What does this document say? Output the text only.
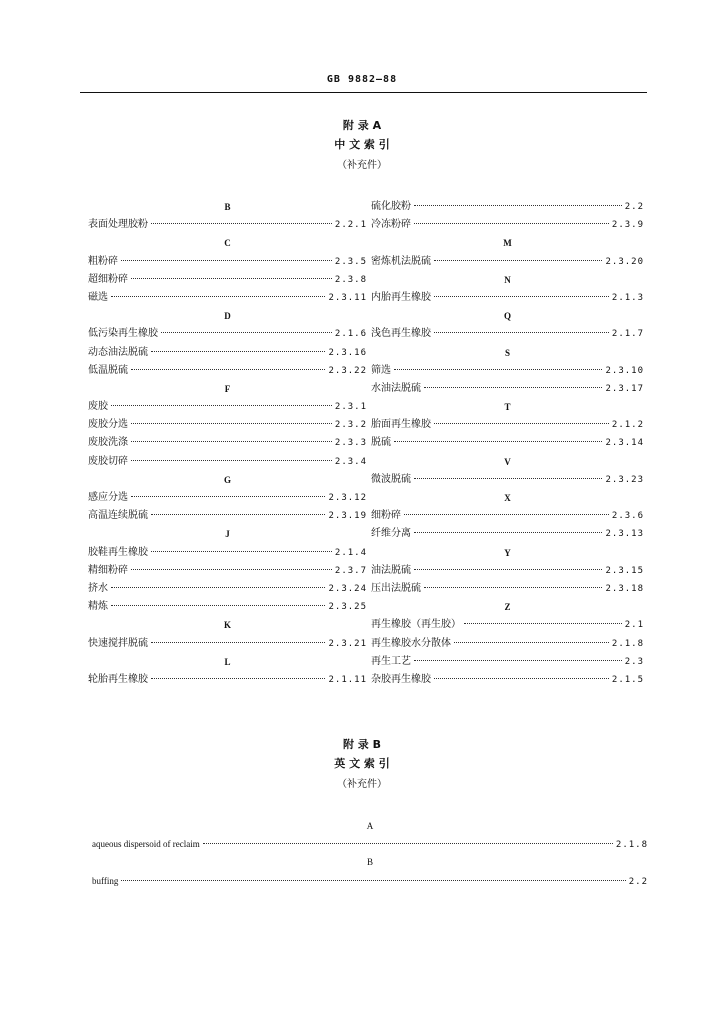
GB 9882—88
附 录 A
中 文 索 引
（补充件）
B
表面处理胶粉	2.2.1
C
粗粉碎	2.3.5
超细粉碎	2.3.8
磁选	2.3.11
D
低污染再生橡胶	2.1.6
动态油法脱硫	2.3.16
低温脱硫	2.3.22
F
废胶	2.3.1
废胶分选	2.3.2
废胶洗涤	2.3.3
废胶切碎	2.3.4
G
感应分选	2.3.12
高温连续脱硫	2.3.19
J
胶鞋再生橡胶	2.1.4
精细粉碎	2.3.7
挤水	2.3.24
精炼	2.3.25
K
快速搅拌脱硫	2.3.21
L
轮胎再生橡胶	2.1.11
硫化胶粉	2.2
冷冻粉碎	2.3.9
M
密炼机法脱硫	2.3.20
N
内胎再生橡胶	2.1.3
Q
浅色再生橡胶	2.1.7
S
筛选	2.3.10
水油法脱硫	2.3.17
T
胎面再生橡胶	2.1.2
脱硫	2.3.14
V
微波脱硫	2.3.23
X
细粉碎	2.3.6
纤维分离	2.3.13
Y
油法脱硫	2.3.15
压出法脱硫	2.3.18
Z
再生橡胶（再生胶）	2.1
再生橡胶水分散体	2.1.8
再生工艺	2.3
杂胶再生橡胶	2.1.5
附 录 B
英 文 索 引
（补充件）
A
aqueous dispersoid of reclaim	2.1.8
B
buffing	2.2
